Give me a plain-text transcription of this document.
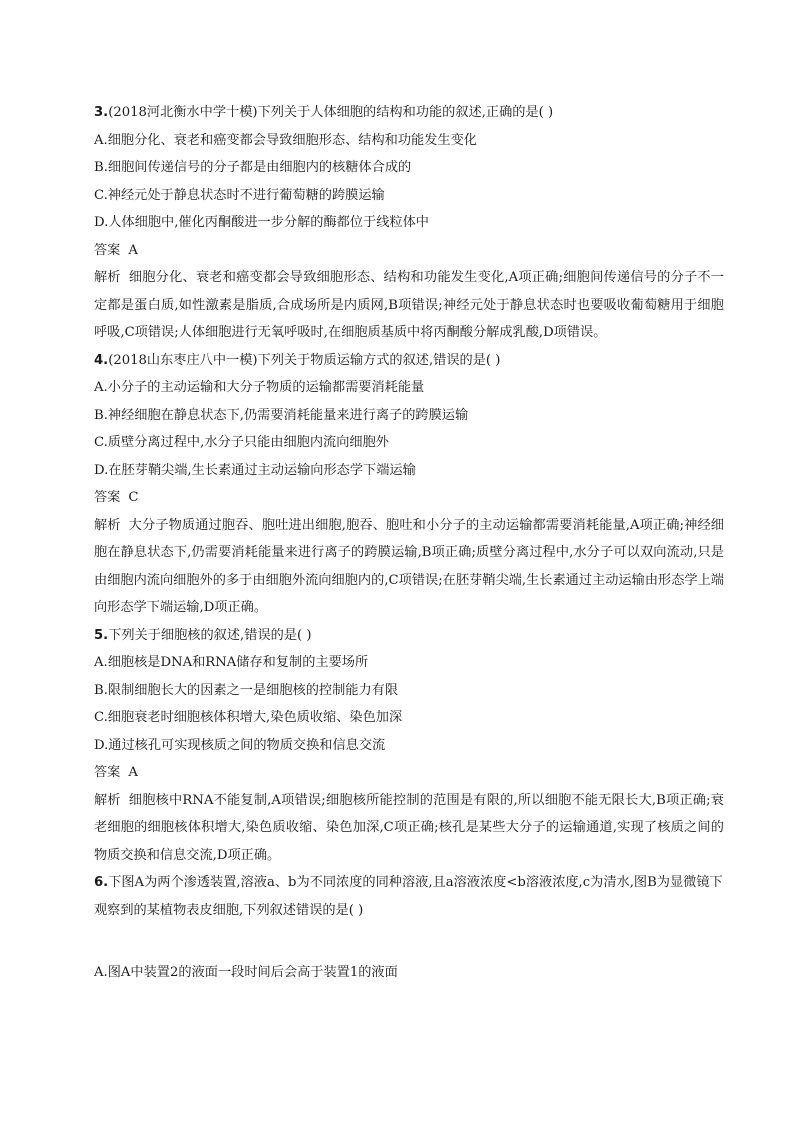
3.(2018河北衡水中学十模)下列关于人体细胞的结构和功能的叙述,正确的是( )

A.细胞分化、衰老和癌变都会导致细胞形态、结构和功能发生变化

B.细胞间传递信号的分子都是由细胞内的核糖体合成的

C.神经元处于静息状态时不进行葡萄糖的跨膜运输

D.人体细胞中,催化丙酮酸进一步分解的酶都位于线粒体中

答案 A

解析 细胞分化、衰老和癌变都会导致细胞形态、结构和功能发生变化,A项正确;细胞间传递信号的分子不一定都是蛋白质,如性激素是脂质,合成场所是内质网,B项错误;神经元处于静息状态时也要吸收葡萄糖用于细胞呼吸,C项错误;人体细胞进行无氧呼吸时,在细胞质基质中将丙酮酸分解成乳酸,D项错误。

4.(2018山东枣庄八中一模)下列关于物质运输方式的叙述,错误的是( )

A.小分子的主动运输和大分子物质的运输都需要消耗能量

B.神经细胞在静息状态下,仍需要消耗能量来进行离子的跨膜运输

C.质壁分离过程中,水分子只能由细胞内流向细胞外

D.在胚芽鞘尖端,生长素通过主动运输向形态学下端运输

答案 C

解析 大分子物质通过胞吞、胞吐进出细胞,胞吞、胞吐和小分子的主动运输都需要消耗能量,A项正确;神经细胞在静息状态下,仍需要消耗能量来进行离子的跨膜运输,B项正确;质壁分离过程中,水分子可以双向流动,只是由细胞内流向细胞外的多于由细胞外流向细胞内的,C项错误;在胚芽鞘尖端,生长素通过主动运输由形态学上端向形态学下端运输,D项正确。

5.下列关于细胞核的叙述,错误的是( )

A.细胞核是DNA和RNA储存和复制的主要场所

B.限制细胞长大的因素之一是细胞核的控制能力有限

C.细胞衰老时细胞核体积增大,染色质收缩、染色加深

D.通过核孔可实现核质之间的物质交换和信息交流

答案 A

解析 细胞核中RNA不能复制,A项错误;细胞核所能控制的范围是有限的,所以细胞不能无限长大,B项正确;衰老细胞的细胞核体积增大,染色质收缩、染色加深,C项正确;核孔是某些大分子的运输通道,实现了核质之间的物质交换和信息交流,D项正确。

6.下图A为两个渗透装置,溶液a、b为不同浓度的同种溶液,且a溶液浓度<b溶液浓度,c为清水,图B为显微镜下观察到的某植物表皮细胞,下列叙述错误的是( )

A.图A中装置2的液面一段时间后会高于装置1的液面
